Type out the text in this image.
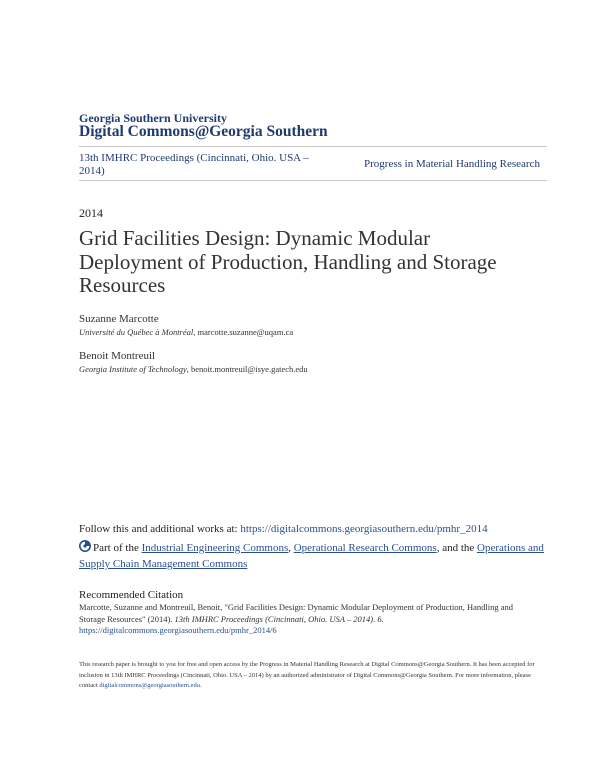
Georgia Southern University
Digital Commons@Georgia Southern
13th IMHRC Proceedings (Cincinnati, Ohio. USA – 2014)
Progress in Material Handling Research
2014
Grid Facilities Design: Dynamic Modular Deployment of Production, Handling and Storage Resources
Suzanne Marcotte
Université du Québec à Montréal, marcotte.suzanne@uqam.ca
Benoit Montreuil
Georgia Institute of Technology, benoit.montreuil@isye.gatech.edu
Follow this and additional works at: https://digitalcommons.georgiasouthern.edu/pmhr_2014
Part of the Industrial Engineering Commons, Operational Research Commons, and the Operations and Supply Chain Management Commons
Recommended Citation
Marcotte, Suzanne and Montreuil, Benoit, "Grid Facilities Design: Dynamic Modular Deployment of Production, Handling and Storage Resources" (2014). 13th IMHRC Proceedings (Cincinnati, Ohio. USA – 2014). 6.
https://digitalcommons.georgiasouthern.edu/pmhr_2014/6
This research paper is brought to you for free and open access by the Progress in Material Handling Research at Digital Commons@Georgia Southern. It has been accepted for inclusion in 13th IMHRC Proceedings (Cincinnati, Ohio. USA – 2014) by an authorized administrator of Digital Commons@Georgia Southern. For more information, please contact digitalcommons@georgiasouthern.edu.
